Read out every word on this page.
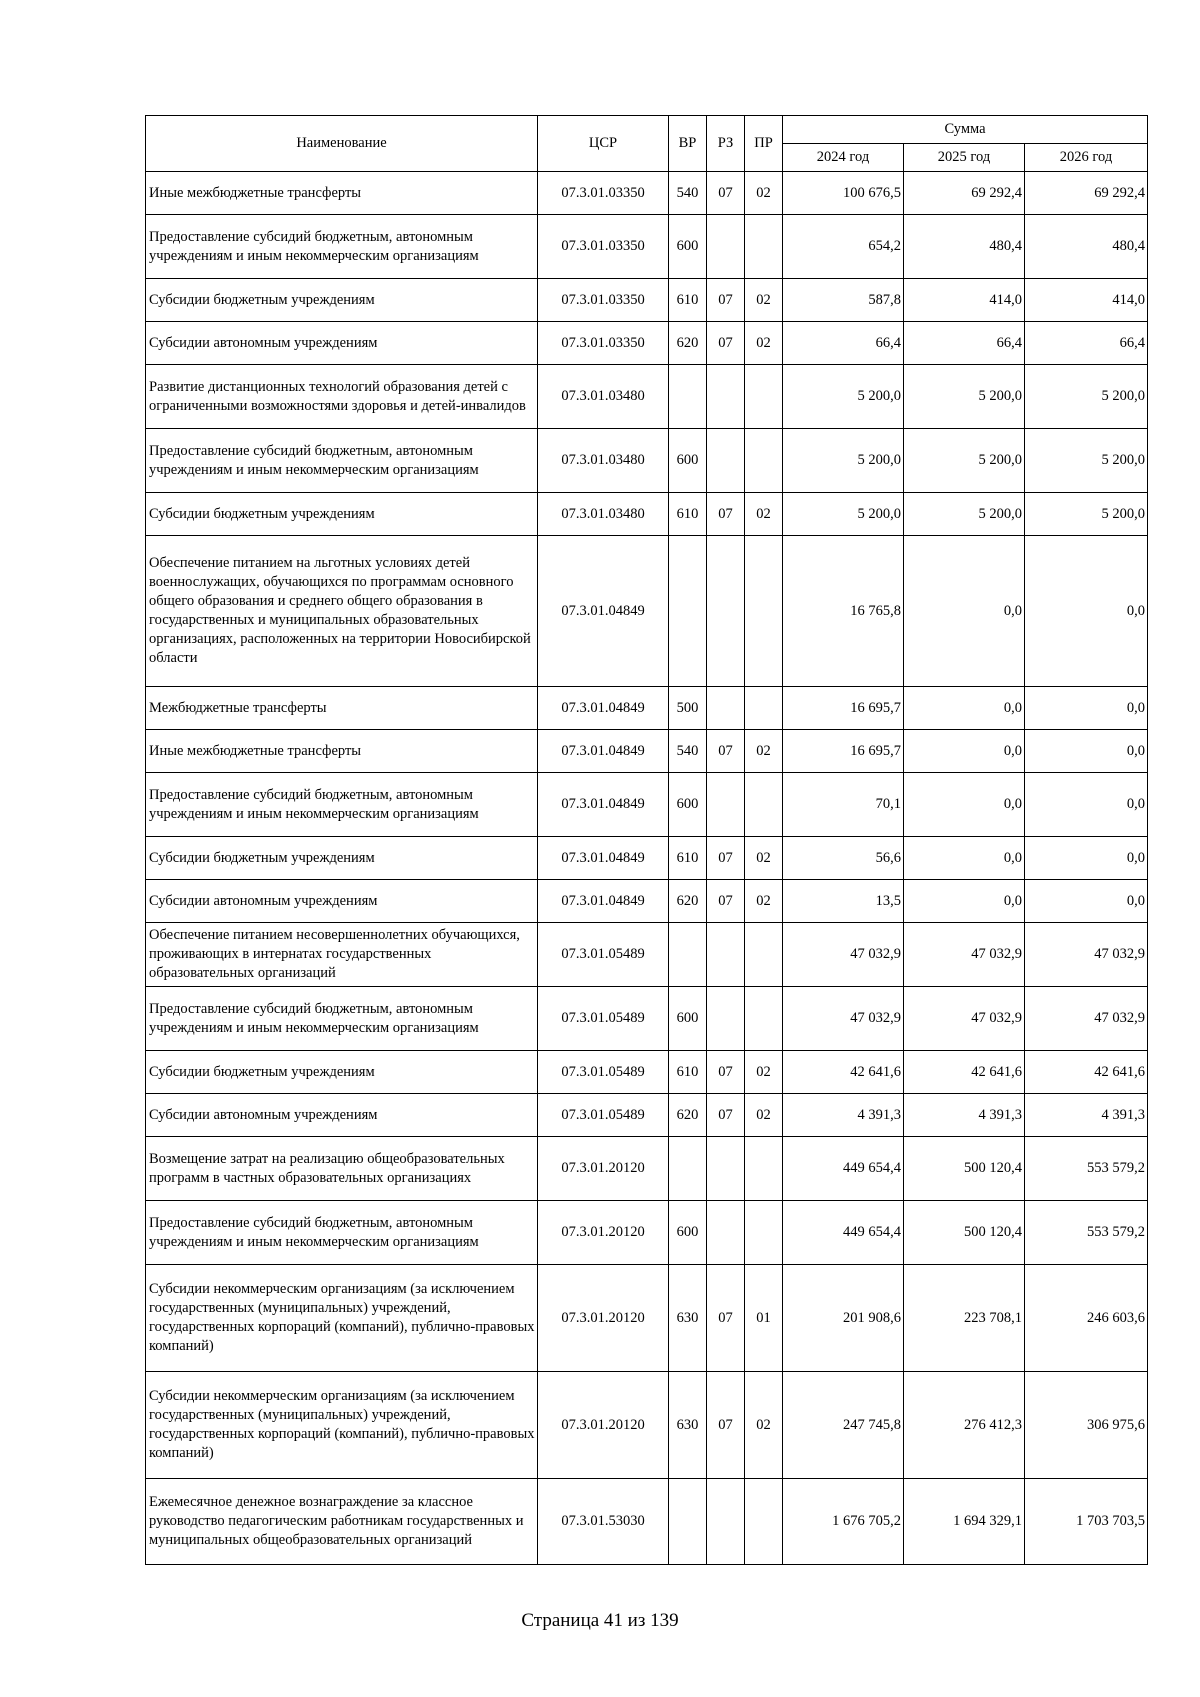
Наименование	ЦСР	ВР	РЗ	ПР	Сумма		
					2024 год	2025 год	2026 год
Иные межбюджетные трансферты	07.3.01.03350	540	07	02	100 676,5	69 292,4	69 292,4
Предоставление субсидий бюджетным, автономным учреждениям и иным некоммерческим организациям	07.3.01.03350	600			654,2	480,4	480,4
Субсидии бюджетным учреждениям	07.3.01.03350	610	07	02	587,8	414,0	414,0
Субсидии автономным учреждениям	07.3.01.03350	620	07	02	66,4	66,4	66,4
Развитие дистанционных технологий образования детей с ограниченными возможностями здоровья и детей-инвалидов	07.3.01.03480				5 200,0	5 200,0	5 200,0
Предоставление субсидий бюджетным, автономным учреждениям и иным некоммерческим организациям	07.3.01.03480	600			5 200,0	5 200,0	5 200,0
Субсидии бюджетным учреждениям	07.3.01.03480	610	07	02	5 200,0	5 200,0	5 200,0
Обеспечение питанием на льготных условиях детей военнослужащих, обучающихся по программам основного общего образования и среднего общего образования в государственных и муниципальных образовательных организациях, расположенных на территории Новосибирской области	07.3.01.04849				16 765,8	0,0	0,0
Межбюджетные трансферты	07.3.01.04849	500			16 695,7	0,0	0,0
Иные межбюджетные трансферты	07.3.01.04849	540	07	02	16 695,7	0,0	0,0
Предоставление субсидий бюджетным, автономным учреждениям и иным некоммерческим организациям	07.3.01.04849	600			70,1	0,0	0,0
Субсидии бюджетным учреждениям	07.3.01.04849	610	07	02	56,6	0,0	0,0
Субсидии автономным учреждениям	07.3.01.04849	620	07	02	13,5	0,0	0,0
Обеспечение питанием несовершеннолетних обучающихся, проживающих в интернатах государственных образовательных организаций	07.3.01.05489				47 032,9	47 032,9	47 032,9
Предоставление субсидий бюджетным, автономным учреждениям и иным некоммерческим организациям	07.3.01.05489	600			47 032,9	47 032,9	47 032,9
Субсидии бюджетным учреждениям	07.3.01.05489	610	07	02	42 641,6	42 641,6	42 641,6
Субсидии автономным учреждениям	07.3.01.05489	620	07	02	4 391,3	4 391,3	4 391,3
Возмещение затрат на реализацию общеобразовательных программ в частных образовательных организациях	07.3.01.20120				449 654,4	500 120,4	553 579,2
Предоставление субсидий бюджетным, автономным учреждениям и иным некоммерческим организациям	07.3.01.20120	600			449 654,4	500 120,4	553 579,2
Субсидии некоммерческим организациям (за исключением государственных (муниципальных) учреждений, государственных корпораций (компаний), публично-правовых компаний)	07.3.01.20120	630	07	01	201 908,6	223 708,1	246 603,6
Субсидии некоммерческим организациям (за исключением государственных (муниципальных) учреждений, государственных корпораций (компаний), публично-правовых компаний)	07.3.01.20120	630	07	02	247 745,8	276 412,3	306 975,6
Ежемесячное денежное вознаграждение за классное руководство педагогическим работникам государственных и муниципальных общеобразовательных организаций	07.3.01.53030				1 676 705,2	1 694 329,1	1 703 703,5
Страница 41 из 139
